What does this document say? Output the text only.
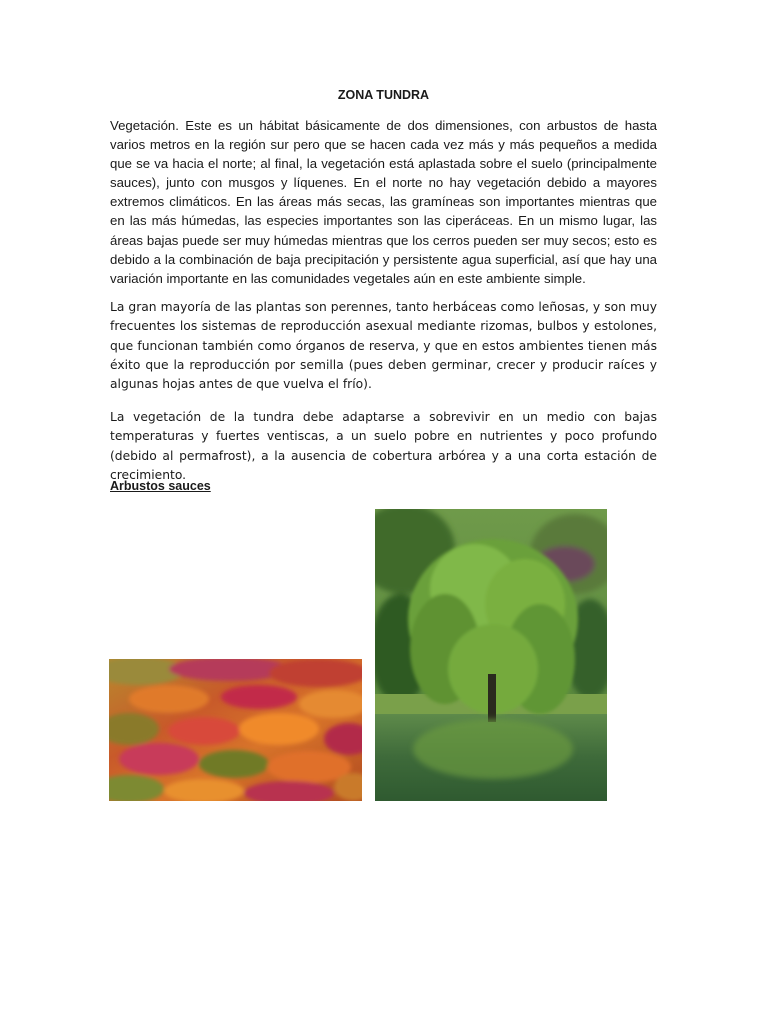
ZONA TUNDRA

Vegetación. Este es un hábitat básicamente de dos dimensiones, con arbustos de hasta varios metros en la región sur pero que se hacen cada vez más y más pequeños a medida que se va hacia el norte; al final, la vegetación está aplastada sobre el suelo (principalmente sauces), junto con musgos y líquenes. En el norte no hay vegetación debido a mayores extremos climáticos. En las áreas más secas, las gramíneas son importantes mientras que en las más húmedas, las especies importantes son las ciperáceas. En un mismo lugar, las áreas bajas puede ser muy húmedas mientras que los cerros pueden ser muy secos; esto es debido a la combinación de baja precipitación y persistente agua superficial, así que hay una variación importante en las comunidades vegetales aún en este ambiente simple.

La gran mayoría de las plantas son perennes, tanto herbáceas como leñosas, y son muy frecuentes los sistemas de reproducción asexual mediante rizomas, bulbos y estolones, que funcionan también como órganos de reserva, y que en estos ambientes tienen más éxito que la reproducción por semilla (pues deben germinar, crecer y producir raíces y algunas hojas antes de que vuelva el frío).

La vegetación de la tundra debe adaptarse a sobrevivir en un medio con bajas temperaturas y fuertes ventiscas, a un suelo pobre en nutrientes y poco profundo (debido al permafrost), a la ausencia de cobertura arbórea y a una corta estación de crecimiento.

Arbustos sauces
